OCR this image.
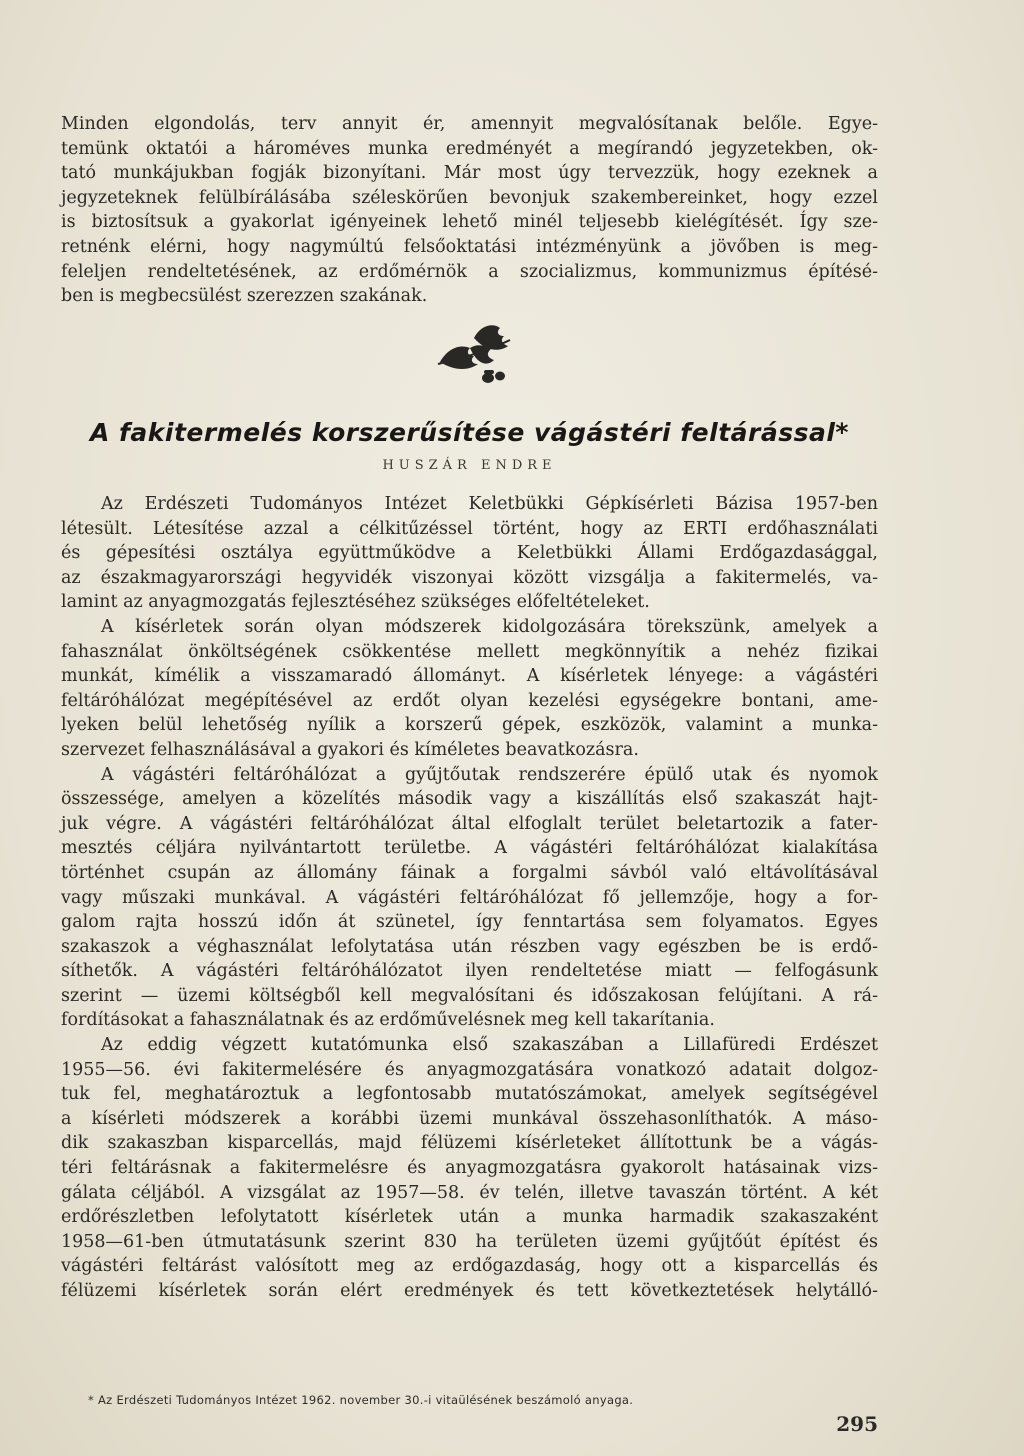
Minden elgondolás, terv annyit ér, amennyit megvalósítanak belőle. Egye-
temünk oktatói a hároméves munka eredményét a megírandó jegyzetekben, ok-
tató munkájukban fogják bizonyítani. Már most úgy tervezzük, hogy ezeknek a
jegyzeteknek felülbírálásába széleskörűen bevonjuk szakembereinket, hogy ezzel
is biztosítsuk a gyakorlat igényeinek lehető minél teljesebb kielégítését. Így sze-
retnénk elérni, hogy nagymúltú felsőoktatási intézményünk a jövőben is meg-
feleljen rendeltetésének, az erdőmérnök a szocializmus, kommunizmus építésé-
ben is megbecsülést szerezzen szakának.
A fakitermelés korszerűsítése vágástéri feltárással*
HUSZÁR ENDRE
Az Erdészeti Tudományos Intézet Keletbükki Gépkísérleti Bázisa 1957-ben
létesült. Létesítése azzal a célkitűzéssel történt, hogy az ERTI erdőhasználati
és gépesítési osztálya együttműködve a Keletbükki Állami Erdőgazdasággal,
az északmagyarországi hegyvidék viszonyai között vizsgálja a fakitermelés, va-
lamint az anyagmozgatás fejlesztéséhez szükséges előfeltételeket.
A kísérletek során olyan módszerek kidolgozására törekszünk, amelyek a
fahasználat önköltségének csökkentése mellett megkönnyítik a nehéz fizikai
munkát, kímélik a visszamaradó állományt. A kísérletek lényege: a vágástéri
feltáróhálózat megépítésével az erdőt olyan kezelési egységekre bontani, ame-
lyeken belül lehetőség nyílik a korszerű gépek, eszközök, valamint a munka-
szervezet felhasználásával a gyakori és kíméletes beavatkozásra.
A vágástéri feltáróhálózat a gyűjtőutak rendszerére épülő utak és nyomok
összessége, amelyen a közelítés második vagy a kiszállítás első szakaszát hajt-
juk végre. A vágástéri feltáróhálózat által elfoglalt terület beletartozik a fater-
mesztés céljára nyilvántartott területbe. A vágástéri feltáróhálózat kialakítása
történhet csupán az állomány fáinak a forgalmi sávból való eltávolításával
vagy műszaki munkával. A vágástéri feltáróhálózat fő jellemzője, hogy a for-
galom rajta hosszú időn át szünetel, így fenntartása sem folyamatos. Egyes
szakaszok a véghasználat lefolytatása után részben vagy egészben be is erdő-
síthetők. A vágástéri feltáróhálózatot ilyen rendeltetése miatt — felfogásunk
szerint — üzemi költségből kell megvalósítani és időszakosan felújítani. A rá-
fordításokat a fahasználatnak és az erdőművelésnek meg kell takarítania.
Az eddig végzett kutatómunka első szakaszában a Lillafüredi Erdészet
1955—56. évi fakitermelésére és anyagmozgatására vonatkozó adatait dolgoz-
tuk fel, meghatároztuk a legfontosabb mutatószámokat, amelyek segítségével
a kísérleti módszerek a korábbi üzemi munkával összehasonlíthatók. A máso-
dik szakaszban kisparcellás, majd félüzemi kísérleteket állítottunk be a vágás-
téri feltárásnak a fakitermelésre és anyagmozgatásra gyakorolt hatásainak vizs-
gálata céljából. A vizsgálat az 1957—58. év telén, illetve tavaszán történt. A két
erdőrészletben lefolytatott kísérletek után a munka harmadik szakaszaként
1958—61-ben útmutatásunk szerint 830 ha területen üzemi gyűjtőút építést és
vágástéri feltárást valósított meg az erdőgazdaság, hogy ott a kisparcellás és
félüzemi kísérletek során elért eredmények és tett következtetések helytálló-
* Az Erdészeti Tudományos Intézet 1962. november 30.-i vitaülésének beszámoló anyaga.
295
